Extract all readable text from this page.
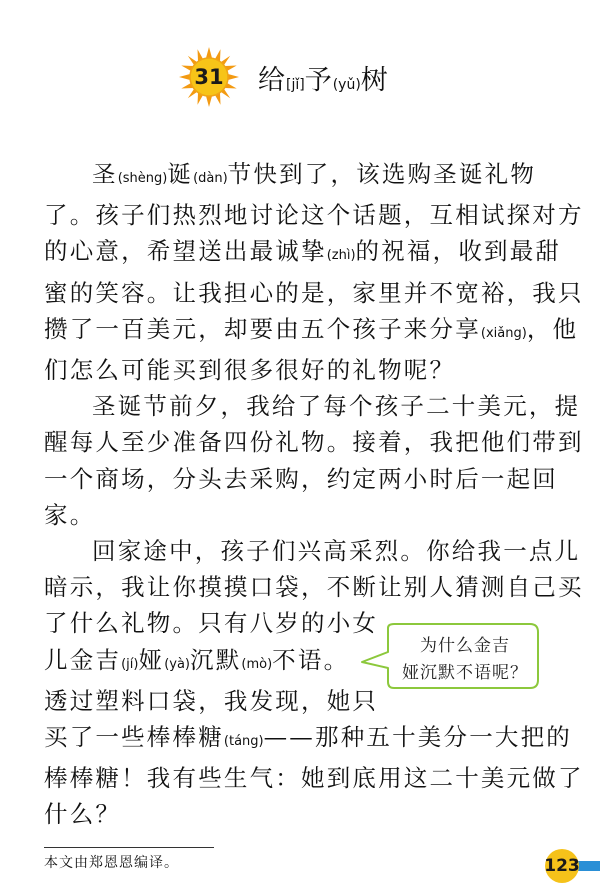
31	给[jǐ]予(yǔ)树
圣(shèng)诞(dàn)节快到了，该选购圣诞礼物
了。孩子们热烈地讨论这个话题，互相试探对方
的心意，希望送出最诚挚(zhì)的祝福，收到最甜
蜜的笑容。让我担心的是，家里并不宽裕，我只
攒了一百美元，却要由五个孩子来分享(xiǎng)，他
们怎么可能买到很多很好的礼物呢？
圣诞节前夕，我给了每个孩子二十美元，提
醒每人至少准备四份礼物。接着，我把他们带到
一个商场，分头去采购，约定两小时后一起回
家。
回家途中，孩子们兴高采烈。你给我一点儿
暗示，我让你摸摸口袋，不断让别人猜测自己买
了什么礼物。只有八岁的小女
儿金吉(jí)娅(yà)沉默(mò)不语。
透过塑料口袋，我发现，她只
买了一些棒棒糖(táng)——那种五十美分一大把的
棒棒糖！我有些生气：她到底用这二十美元做了
什么？
为什么金吉
娅沉默不语呢？
本文由郑恩恩编译。	123
